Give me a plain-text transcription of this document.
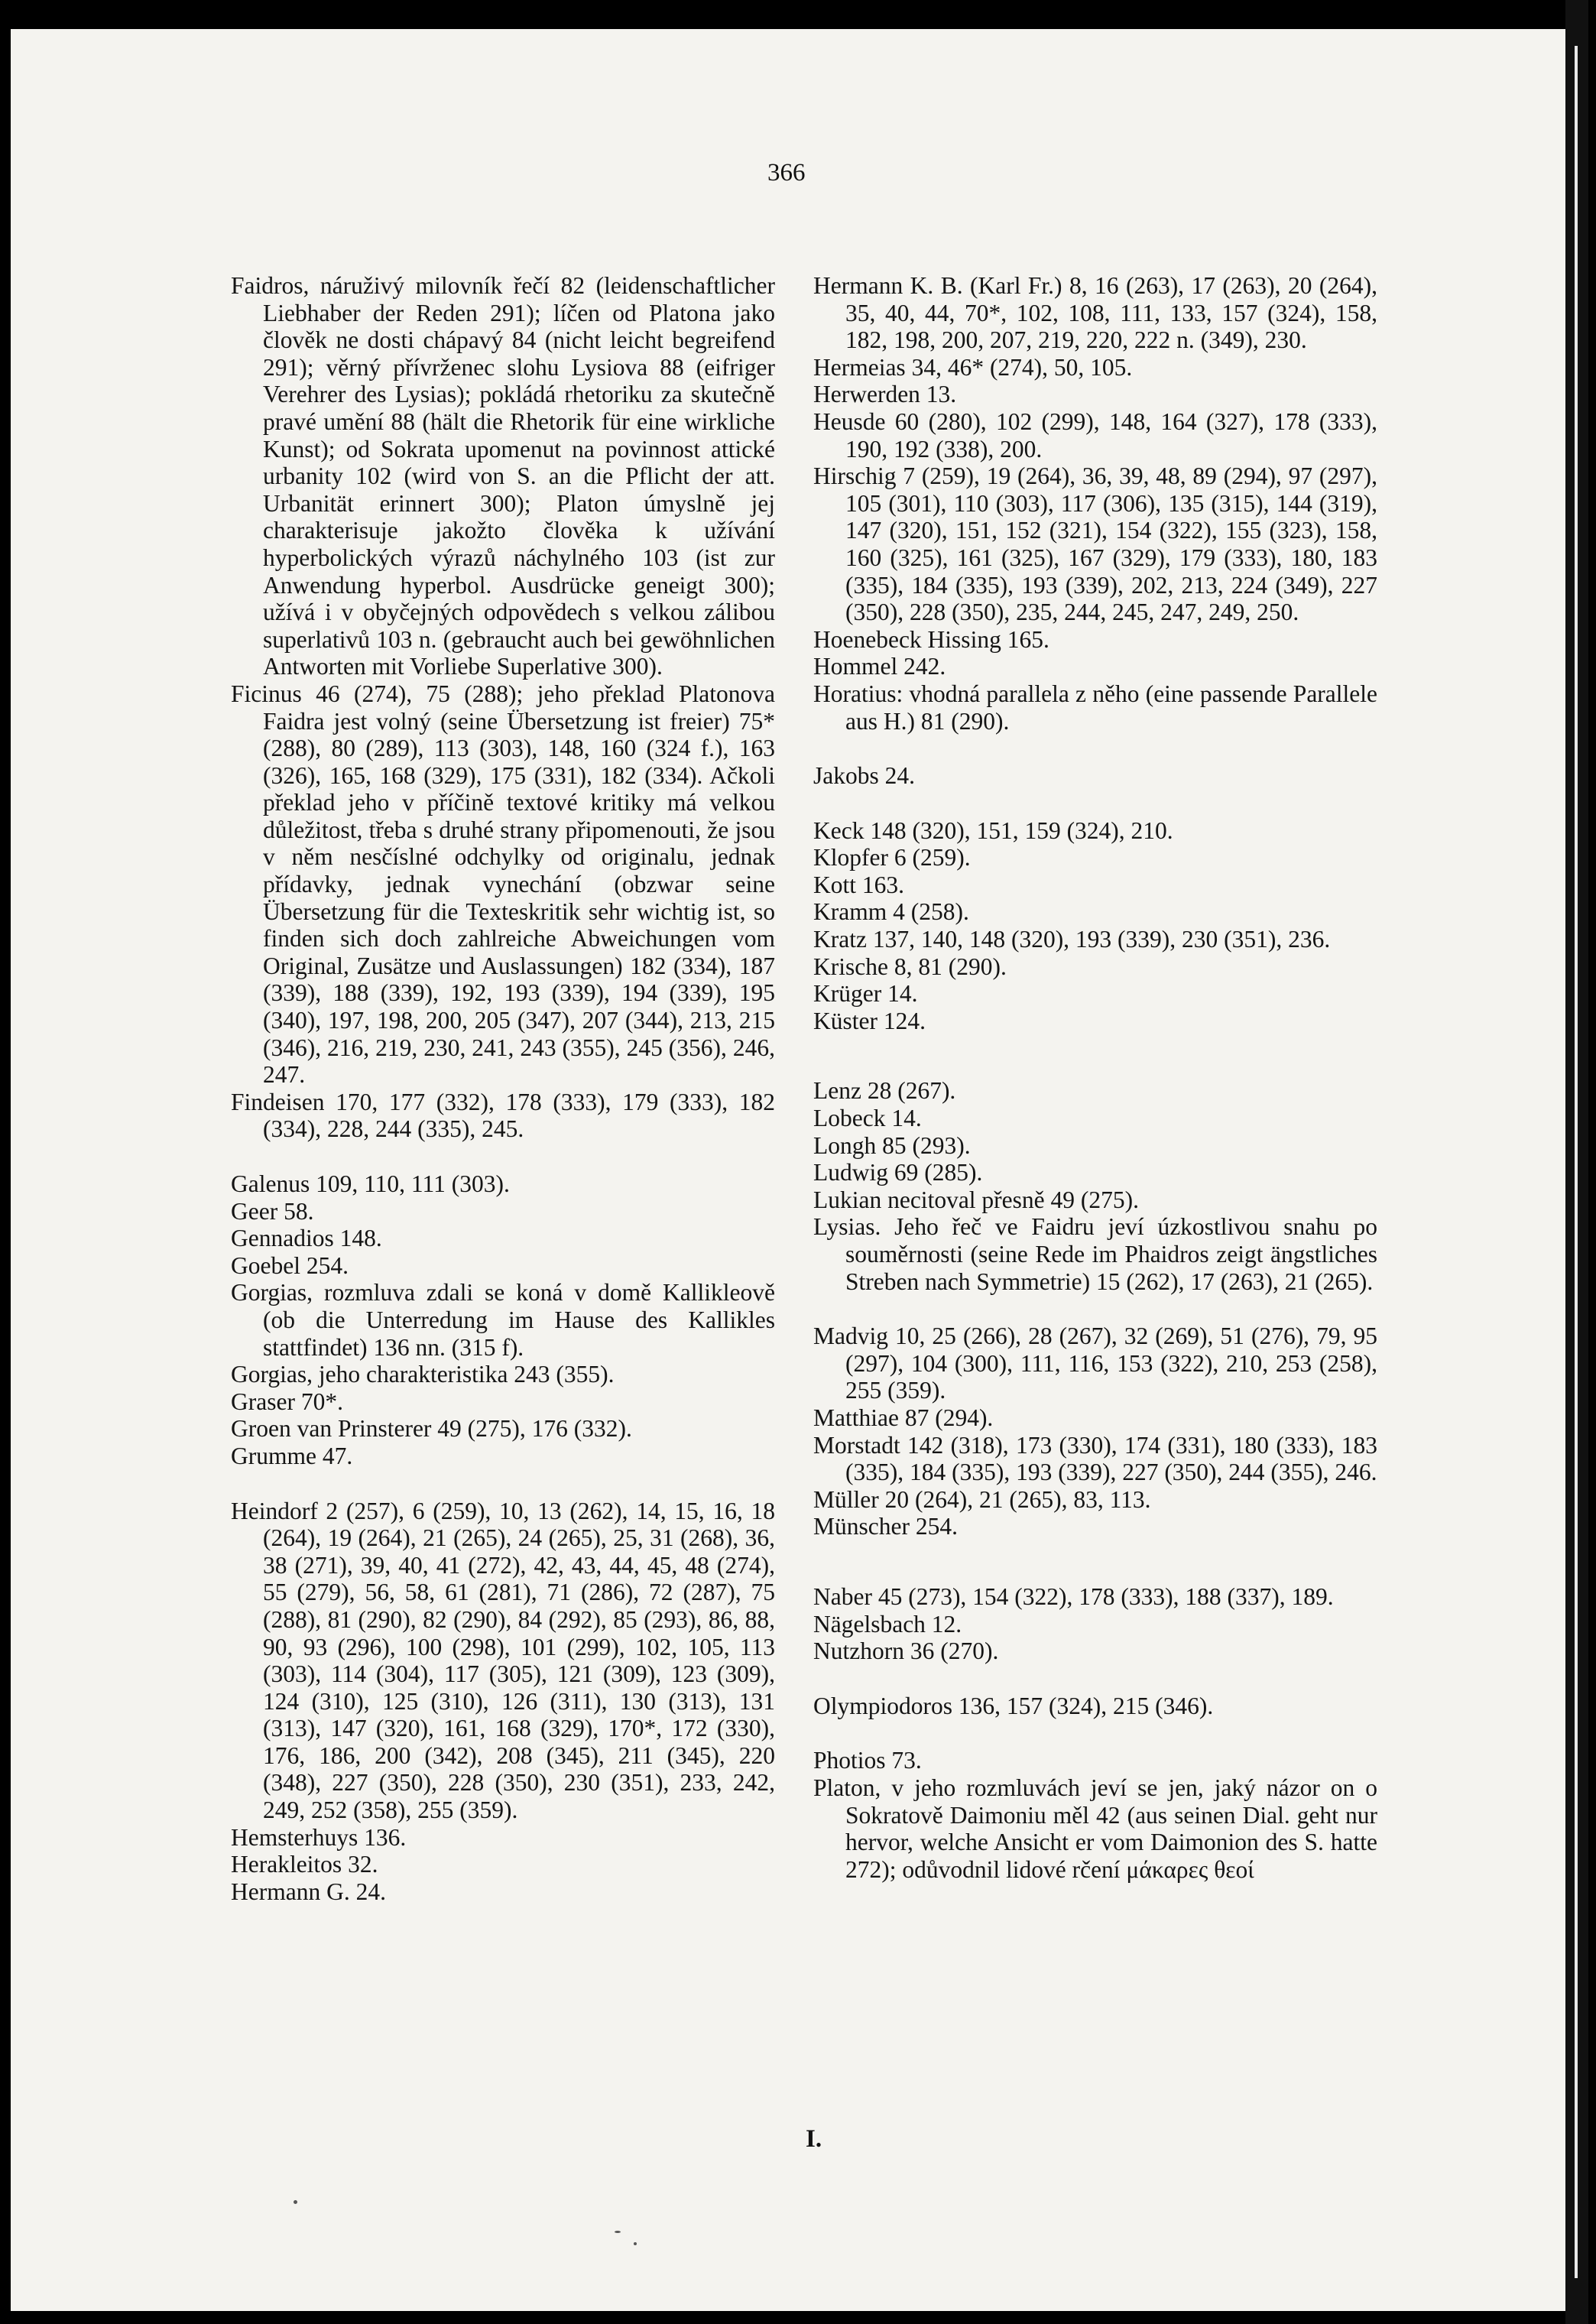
366

Faidros, náruživý milovník řečí 82 (leidenschaftlicher Liebhaber der Reden 291); líčen od Platona jako člověk ne dosti chápavý 84 (nicht leicht begreifend 291); věrný přívrženec slohu Lysiova 88 (eifriger Verehrer des Lysias); pokládá rhetoriku za skutečně pravé umění 88 (hält die Rhetorik für eine wirkliche Kunst); od Sokrata upomenut na povinnost attické urbanity 102 (wird von S. an die Pflicht der att. Urbanität erinnert 300); Platon úmyslně jej charakterisuje jakožto člověka k užívání hyperbolických výrazů náchylného 103 (ist zur Anwendung hyperbol. Ausdrücke geneigt 300); užívá i v obyčejných odpovědech s velkou zálibou superlativů 103 n. (gebraucht auch bei gewöhnlichen Antworten mit Vorliebe Superlative 300).

Ficinus 46 (274), 75 (288); jeho překlad Platonova Faidra jest volný (seine Übersetzung ist freier) 75* (288), 80 (289), 113 (303), 148, 160 (324 f.), 163 (326), 165, 168 (329), 175 (331), 182 (334). Ačkoli překlad jeho v příčině textové kritiky má velkou důležitost, třeba s druhé strany připomenouti, že jsou v něm nesčíslné odchylky od originalu, jednak přídavky, jednak vynechání (obzwar seine Übersetzung für die Texteskritik sehr wichtig ist, so finden sich doch zahlreiche Abweichungen vom Original, Zusätze und Auslassungen) 182 (334), 187 (339), 188 (339), 192, 193 (339), 194 (339), 195 (340), 197, 198, 200, 205 (347), 207 (344), 213, 215 (346), 216, 219, 230, 241, 243 (355), 245 (356), 246, 247.

Findeisen 170, 177 (332), 178 (333), 179 (333), 182 (334), 228, 244 (335), 245.

Galenus 109, 110, 111 (303).

Geer 58.

Gennadios 148.

Goebel 254.

Gorgias, rozmluva zdali se koná v domě Kallikleově (ob die Unterredung im Hause des Kallikles stattfindet) 136 nn. (315 f).

Gorgias, jeho charakteristika 243 (355).

Graser 70*.

Groen van Prinsterer 49 (275), 176 (332).

Grumme 47.

Heindorf 2 (257), 6 (259), 10, 13 (262), 14, 15, 16, 18 (264), 19 (264), 21 (265), 24 (265), 25, 31 (268), 36, 38 (271), 39, 40, 41 (272), 42, 43, 44, 45, 48 (274), 55 (279), 56, 58, 61 (281), 71 (286), 72 (287), 75 (288), 81 (290), 82 (290), 84 (292), 85 (293), 86, 88, 90, 93 (296), 100 (298), 101 (299), 102, 105, 113 (303), 114 (304), 117 (305), 121 (309), 123 (309), 124 (310), 125 (310), 126 (311), 130 (313), 131 (313), 147 (320), 161, 168 (329), 170*, 172 (330), 176, 186, 200 (342), 208 (345), 211 (345), 220 (348), 227 (350), 228 (350), 230 (351), 233, 242, 249, 252 (358), 255 (359).

Hemsterhuys 136.

Herakleitos 32.

Hermann G. 24.

Hermann K. B. (Karl Fr.) 8, 16 (263), 17 (263), 20 (264), 35, 40, 44, 70*, 102, 108, 111, 133, 157 (324), 158, 182, 198, 200, 207, 219, 220, 222 n. (349), 230.

Hermeias 34, 46* (274), 50, 105.

Herwerden 13.

Heusde 60 (280), 102 (299), 148, 164 (327), 178 (333), 190, 192 (338), 200.

Hirschig 7 (259), 19 (264), 36, 39, 48, 89 (294), 97 (297), 105 (301), 110 (303), 117 (306), 135 (315), 144 (319), 147 (320), 151, 152 (321), 154 (322), 155 (323), 158, 160 (325), 161 (325), 167 (329), 179 (333), 180, 183 (335), 184 (335), 193 (339), 202, 213, 224 (349), 227 (350), 228 (350), 235, 244, 245, 247, 249, 250.

Hoenebeck Hissing 165.

Hommel 242.

Horatius: vhodná parallela z něho (eine passende Parallele aus H.) 81 (290).

Jakobs 24.

Keck 148 (320), 151, 159 (324), 210.

Klopfer 6 (259).

Kott 163.

Kramm 4 (258).

Kratz 137, 140, 148 (320), 193 (339), 230 (351), 236.

Krische 8, 81 (290).

Krüger 14.

Küster 124.

Lenz 28 (267).

Lobeck 14.

Longh 85 (293).

Ludwig 69 (285).

Lukian necitoval přesně 49 (275).

Lysias. Jeho řeč ve Faidru jeví úzkostlivou snahu po souměrnosti (seine Rede im Phaidros zeigt ängstliches Streben nach Symmetrie) 15 (262), 17 (263), 21 (265).

Madvig 10, 25 (266), 28 (267), 32 (269), 51 (276), 79, 95 (297), 104 (300), 111, 116, 153 (322), 210, 253 (258), 255 (359).

Matthiae 87 (294).

Morstadt 142 (318), 173 (330), 174 (331), 180 (333), 183 (335), 184 (335), 193 (339), 227 (350), 244 (355), 246.

Müller 20 (264), 21 (265), 83, 113.

Münscher 254.

Naber 45 (273), 154 (322), 178 (333), 188 (337), 189.

Nägelsbach 12.

Nutzhorn 36 (270).

Olympiodoros 136, 157 (324), 215 (346).

Photios 73.

Platon, v jeho rozmluvách jeví se jen, jaký názor on o Sokratově Daimoniu měl 42 (aus seinen Dial. geht nur hervor, welche Ansicht er vom Daimonion des S. hatte 272); odůvodnil lidové rčení μάκαρες θεοί

I.
